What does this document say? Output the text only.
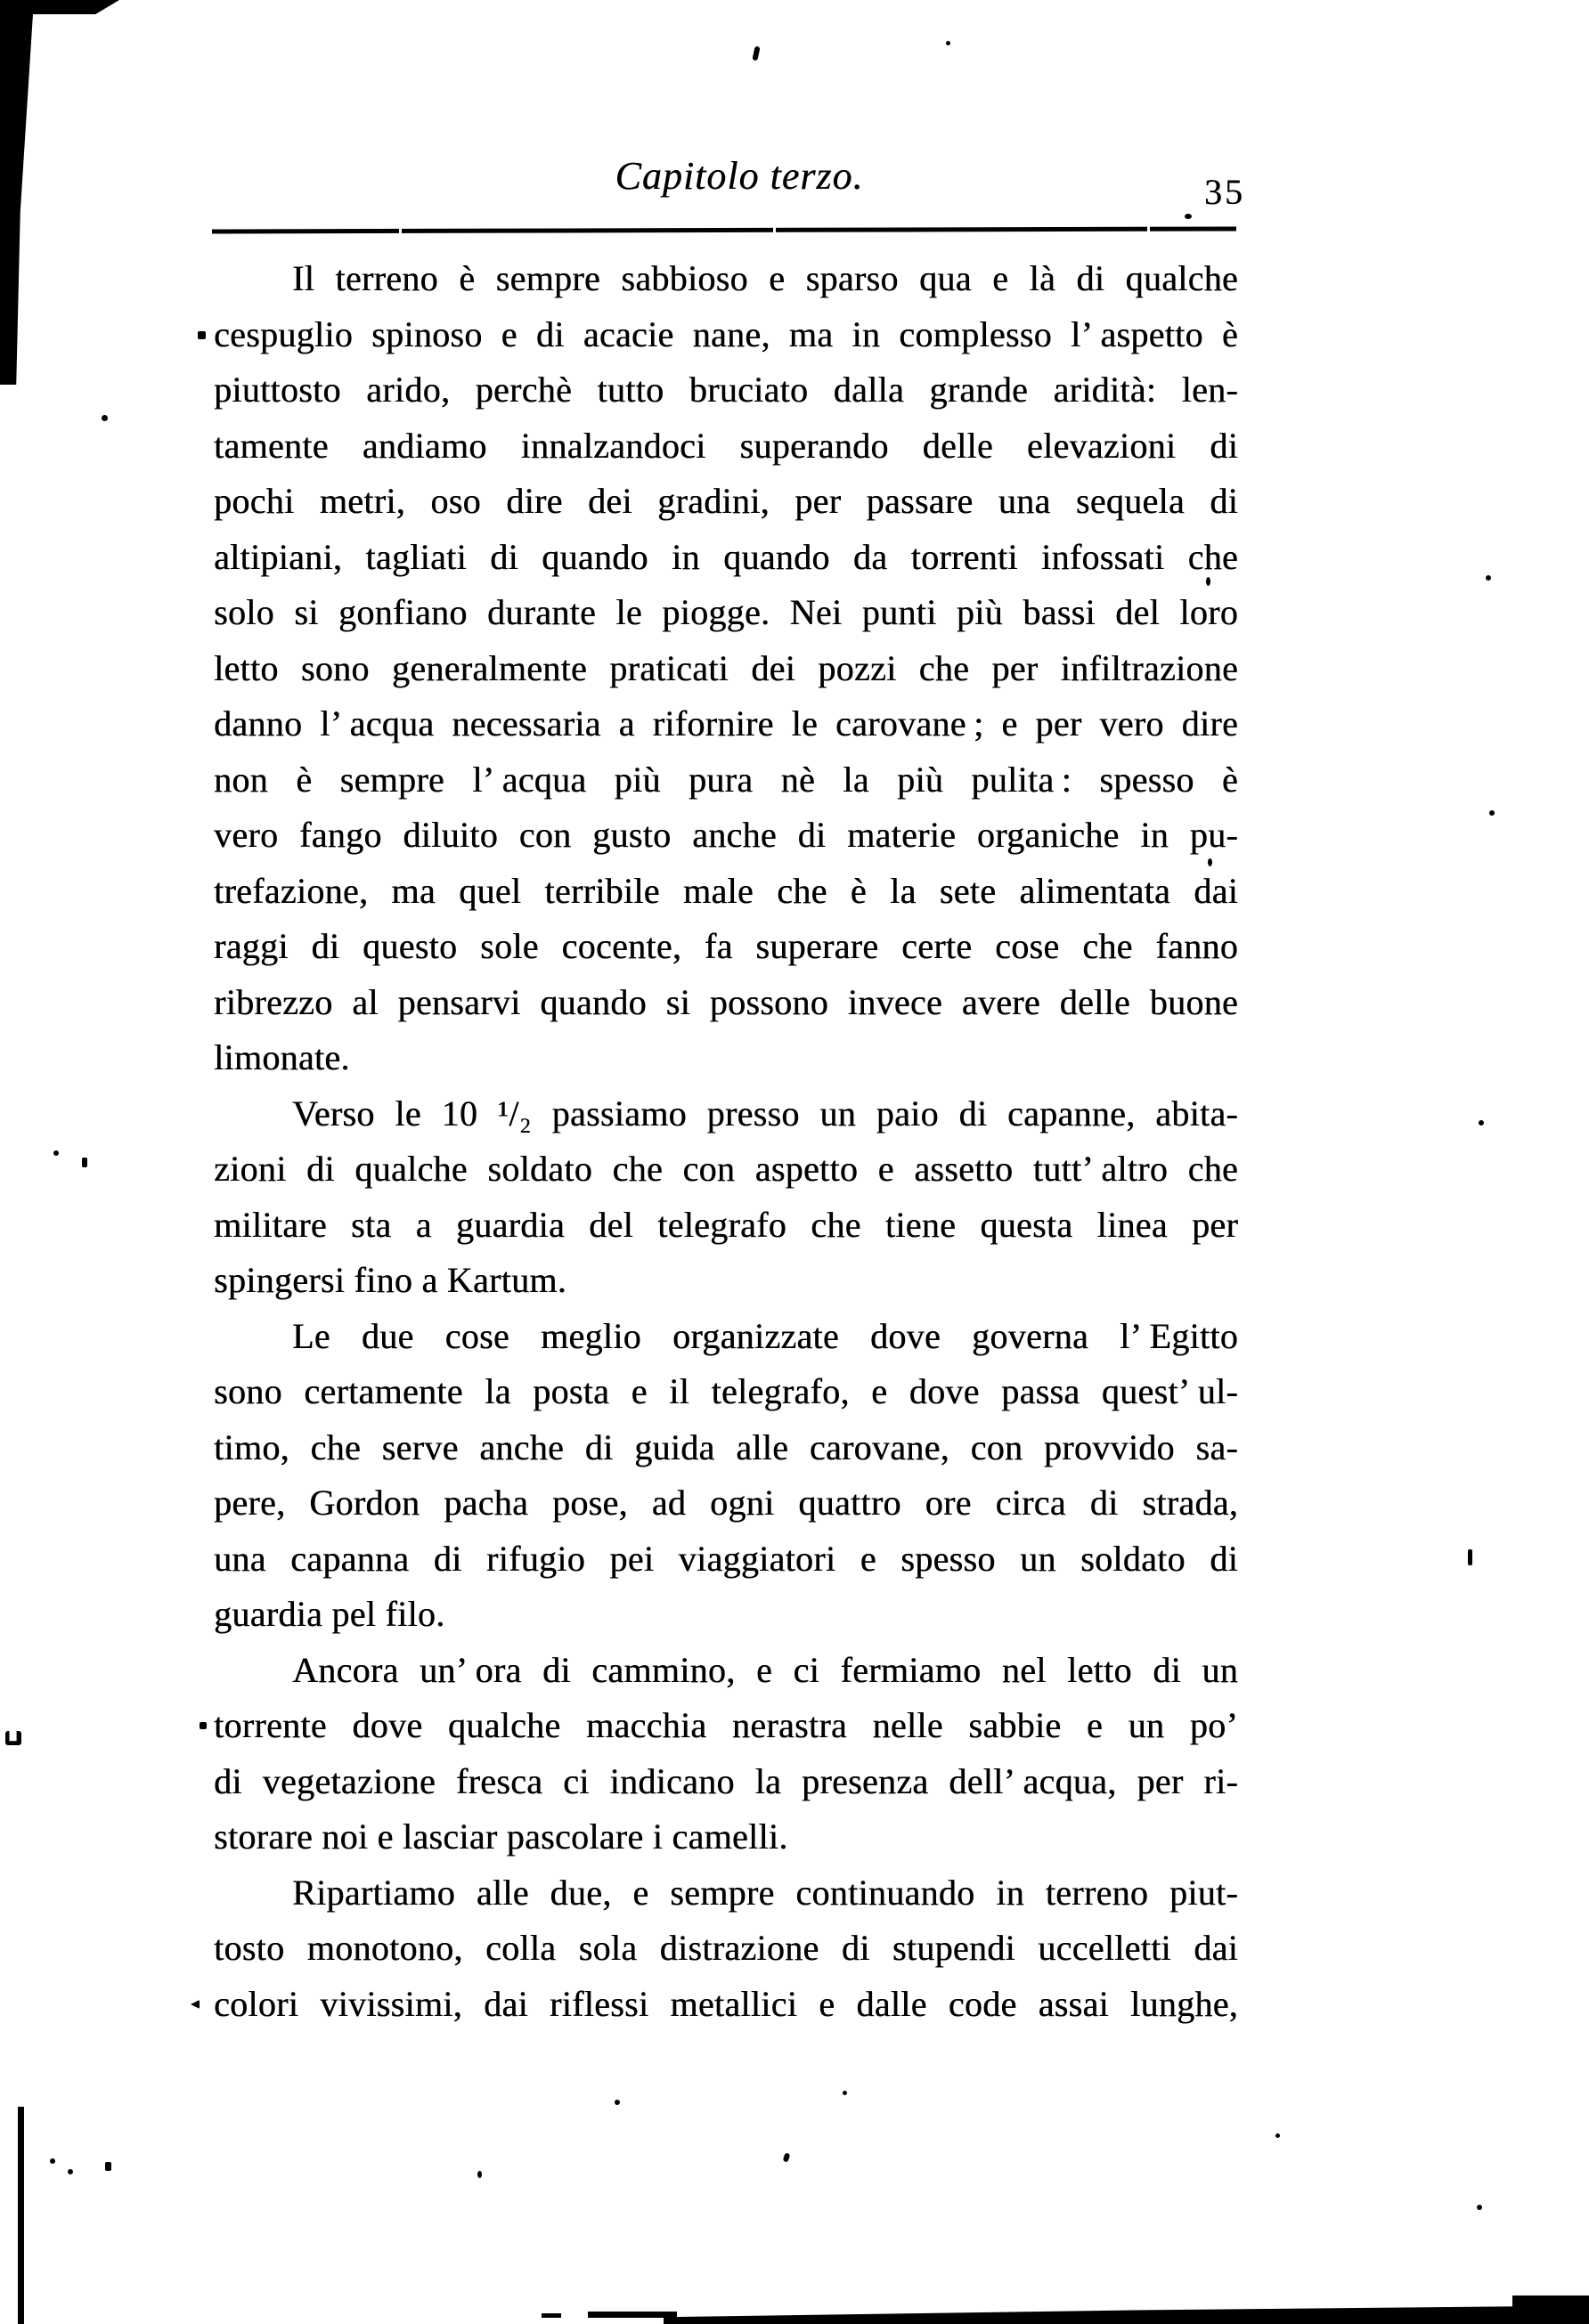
Capitolo terzo.	35
Il terreno è sempre sabbioso e sparso qua e là di qualche
cespuglio spinoso e di acacie nane, ma in complesso l’ aspetto è
piuttosto arido, perchè tutto bruciato dalla grande aridità: len-
tamente andiamo innalzandoci superando delle elevazioni di
pochi metri, oso dire dei gradini, per passare una sequela di
altipiani, tagliati di quando in quando da torrenti infossati che
solo si gonfiano durante le piogge. Nei punti più bassi del loro
letto sono generalmente praticati dei pozzi che per infiltrazione
danno l’ acqua necessaria a rifornire le carovane ; e per vero dire
non è sempre l’ acqua più pura nè la più pulita : spesso è
vero fango diluito con gusto anche di materie organiche in pu-
trefazione, ma quel terribile male che è la sete alimentata dai
raggi di questo sole cocente, fa superare certe cose che fanno
ribrezzo al pensarvi quando si possono invece avere delle buone
limonate.
Verso le 10 ¹/₂ passiamo presso un paio di capanne, abita-
zioni di qualche soldato che con aspetto e assetto tutt’ altro che
militare sta a guardia del telegrafo che tiene questa linea per
spingersi fino a Kartum.
Le due cose meglio organizzate dove governa l’ Egitto
sono certamente la posta e il telegrafo, e dove passa quest’ ul-
timo, che serve anche di guida alle carovane, con provvido sa-
pere, Gordon pacha pose, ad ogni quattro ore circa di strada,
una capanna di rifugio pei viaggiatori e spesso un soldato di
guardia pel filo.
Ancora un’ ora di cammino, e ci fermiamo nel letto di un
torrente dove qualche macchia nerastra nelle sabbie e un po’
di vegetazione fresca ci indicano la presenza dell’ acqua, per ri-
storare noi e lasciar pascolare i camelli.
Ripartiamo alle due, e sempre continuando in terreno piut-
tosto monotono, colla sola distrazione di stupendi uccelletti dai
colori vivissimi, dai riflessi metallici e dalle code assai lunghe,
